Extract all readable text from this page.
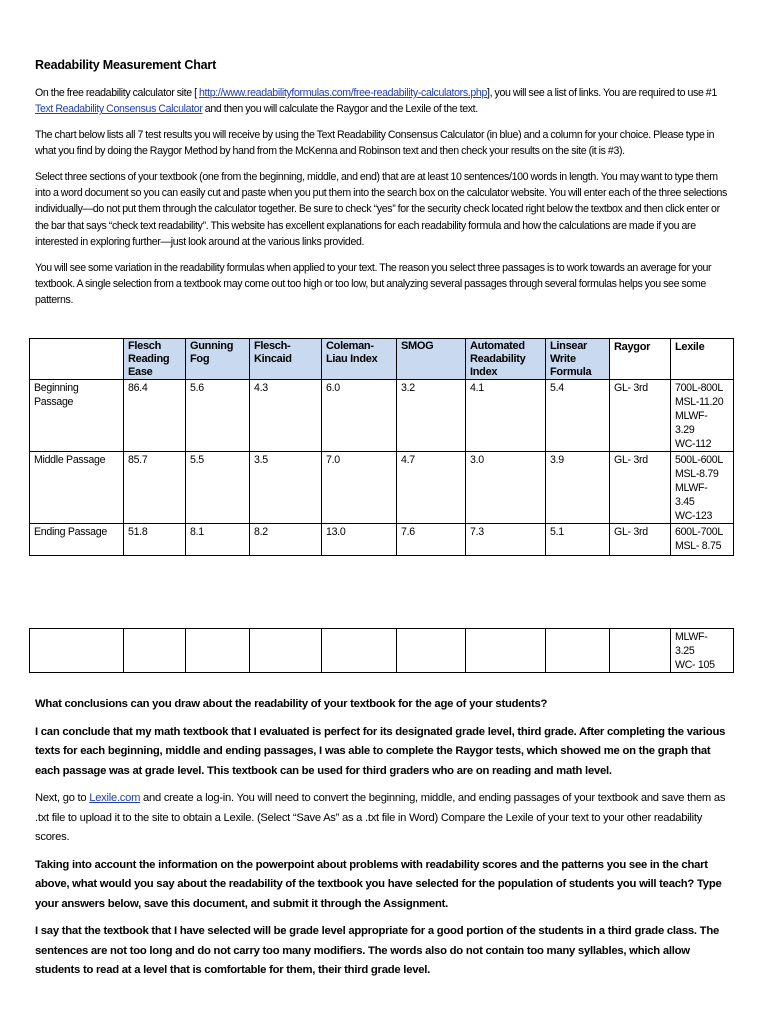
Readability Measurement Chart

On the free readability calculator site [ http://www.readabilityformulas.com/free-readability-calculators.php], you will see a list of links. You are required to use #1 Text Readability Consensus Calculator and then you will calculate the Raygor and the Lexile of the text.

The chart below lists all 7 test results you will receive by using the Text Readability Consensus Calculator (in blue) and a column for your choice. Please type in what you find by doing the Raygor Method by hand from the McKenna and Robinson text and then check your results on the site (it is #3).

Select three sections of your textbook (one from the beginning, middle, and end) that are at least 10 sentences/100 words in length. You may want to type them into a word document so you can easily cut and paste when you put them into the search box on the calculator website. You will enter each of the three selections individually—do not put them through the calculator together. Be sure to check “yes” for the security check located right below the textbox and then click enter or the bar that says “check text readability”. This website has excellent explanations for each readability formula and how the calculations are made if you are interested in exploring further—just look around at the various links provided.

You will see some variation in the readability formulas when applied to your text. The reason you select three passages is to work towards an average for your textbook. A single selection from a textbook may come out too high or too low, but analyzing several passages through several formulas helps you see some patterns.

	Flesch Reading Ease	Gunning Fog	Flesch-Kincaid	Coleman-Liau Index	SMOG	Automated Readability Index	Linsear Write Formula	Raygor	Lexile
Beginning Passage	86.4	5.6	4.3	6.0	3.2	4.1	5.4	GL- 3rd	700L-800L
MSL-11.20
MLWF-
3.29
WC-112

Middle Passage	85.7	5.5	3.5	7.0	4.7	3.0	3.9	GL- 3rd	500L-600L
MSL-8.79
MLWF-
3.45
WC-123

Ending Passage	51.8	8.1	8.2	13.0	7.6	7.3	5.1	GL- 3rd	600L-700L
MSL- 8.75

MLWF-
3.25
WC- 105

What conclusions can you draw about the readability of your textbook for the age of your students?

I can conclude that my math textbook that I evaluated is perfect for its designated grade level, third grade. After completing the various texts for each beginning, middle and ending passages, I was able to complete the Raygor tests, which showed me on the graph that each passage was at grade level. This textbook can be used for third graders who are on reading and math level.

Next, go to Lexile.com and create a log-in. You will need to convert the beginning, middle, and ending passages of your textbook and save them as .txt file to upload it to the site to obtain a Lexile. (Select “Save As” as a .txt file in Word) Compare the Lexile of your text to your other readability scores.

Taking into account the information on the powerpoint about problems with readability scores and the patterns you see in the chart above, what would you say about the readability of the textbook you have selected for the population of students you will teach? Type your answers below, save this document, and submit it through the Assignment.

I say that the textbook that I have selected will be grade level appropriate for a good portion of the students in a third grade class. The sentences are not too long and do not carry too many modifiers. The words also do not contain too many syllables, which allow students to read at a level that is comfortable for them, their third grade level.
